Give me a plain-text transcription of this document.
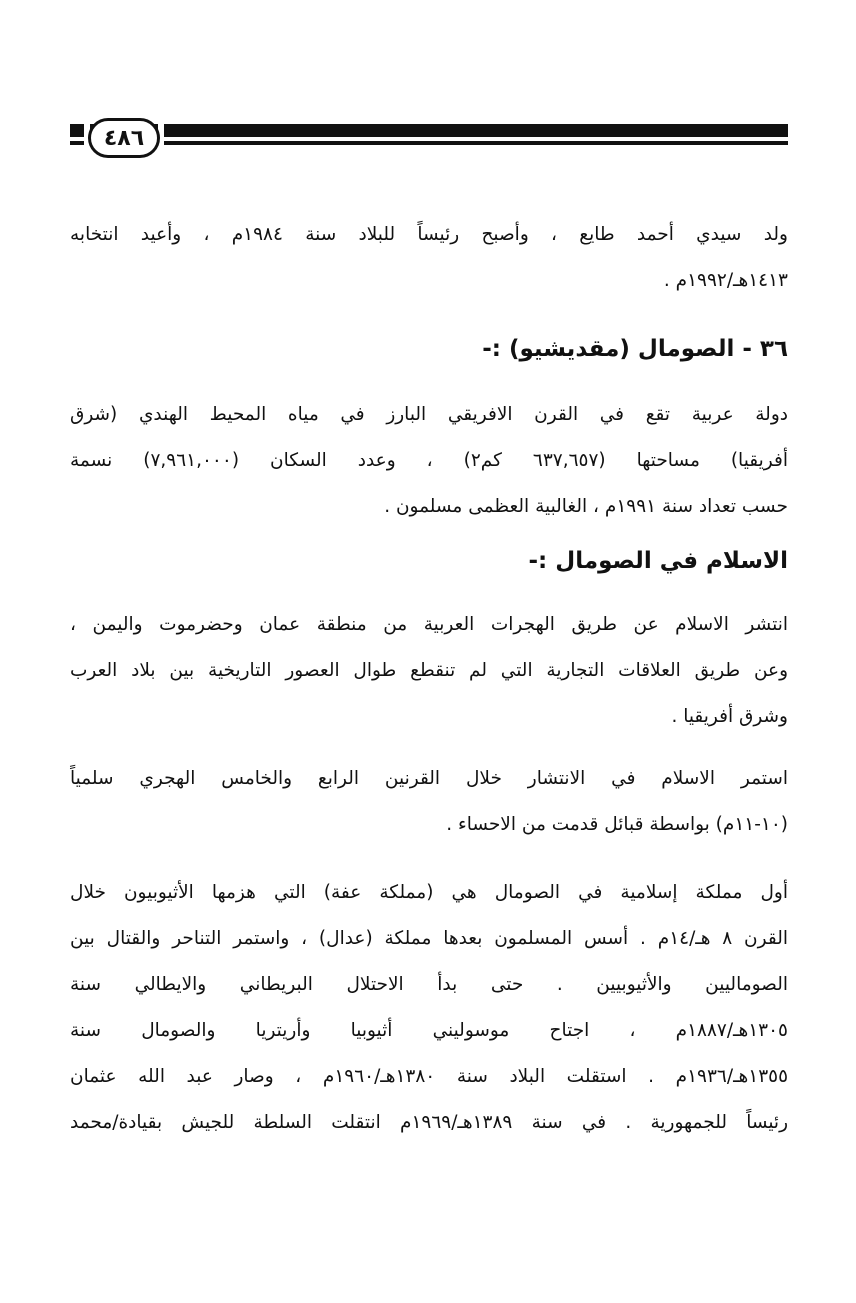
٤٨٦
ولد سيدي أحمد طايع ، وأصبح رئيساً للبلاد سنة ١٩٨٤م ، وأعيد انتخابه
١٤١٣هـ/١٩٩٢م .
٣٦ - الصومال (مقديشيو) :-
دولة عربية تقع في القرن الافريقي البارز في مياه المحيط الهندي (شرق
أفريقيا) مساحتها (٦٣٧,٦٥٧ كم٢) ، وعدد السكان (٧,٩٦١,٠٠٠) نسمة
حسب تعداد سنة ١٩٩١م ، الغالبية العظمى مسلمون .
الاسلام في الصومال :-
انتشر الاسلام عن طريق الهجرات العربية من منطقة عمان وحضرموت واليمن ،
وعن طريق العلاقات التجارية التي لم تنقطع طوال العصور التاريخية بين بلاد العرب
وشرق أفريقيا .
استمر الاسلام في الانتشار خلال القرنين الرابع والخامس الهجري سلمياً
(١٠-١١م) بواسطة قبائل قدمت من الاحساء .
أول مملكة إسلامية في الصومال هي (مملكة عفة) التي هزمها الأثيوبيون خلال
القرن ٨ هـ/١٤م . أسس المسلمون بعدها مملكة (عدال) ، واستمر التناحر والقتال بين
الصوماليين والأثيوبيين . حتى بدأ الاحتلال البريطاني والايطالي سنة
١٣٠٥هـ/١٨٨٧م ، اجتاح موسوليني أثيوبيا وأريتريا والصومال سنة
١٣٥٥هـ/١٩٣٦م . استقلت البلاد سنة ١٣٨٠هـ/١٩٦٠م ، وصار عبد الله عثمان
رئيساً للجمهورية . في سنة ١٣٨٩هـ/١٩٦٩م انتقلت السلطة للجيش بقيادة/محمد
